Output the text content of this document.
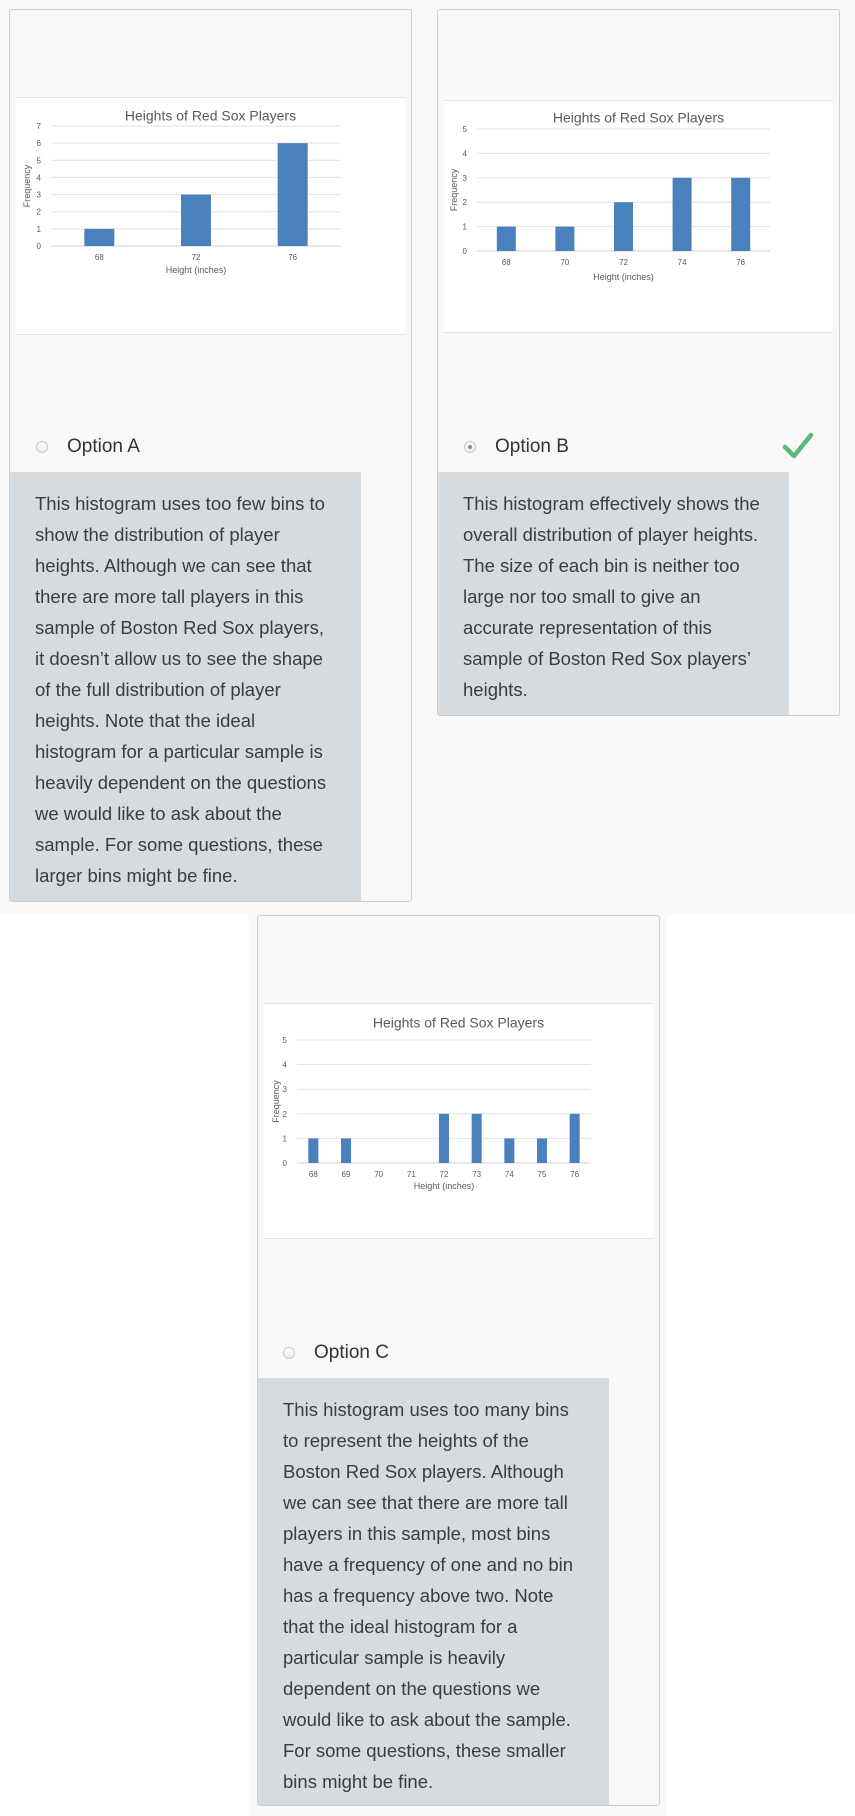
Heights of Red Sox Players
0
1
2
3
4
5
6
7
68	72	76
Height (inches)
Frequency
Option A
This histogram uses too few bins to show the distribution of player heights. Although we can see that there are more tall players in this sample of Boston Red Sox players, it doesn’t allow us to see the shape of the full distribution of player heights. Note that the ideal histogram for a particular sample is heavily dependent on the questions we would like to ask about the sample. For some questions, these larger bins might be fine.
Heights of Red Sox Players
0
1
2
3
4
5
68	70	72	74	76
Height (inches)
Frequency
Option B
This histogram effectively shows the overall distribution of player heights. The size of each bin is neither too large nor too small to give an accurate representation of this sample of Boston Red Sox players’ heights.
Heights of Red Sox Players
0
1
2
3
4
5
68	69	70	71	72	73	74	75	76
Height (inches)
Frequency
Option C
This histogram uses too many bins to represent the heights of the Boston Red Sox players. Although we can see that there are more tall players in this sample, most bins have a frequency of one and no bin has a frequency above two. Note that the ideal histogram for a particular sample is heavily dependent on the questions we would like to ask about the sample. For some questions, these smaller bins might be fine.
